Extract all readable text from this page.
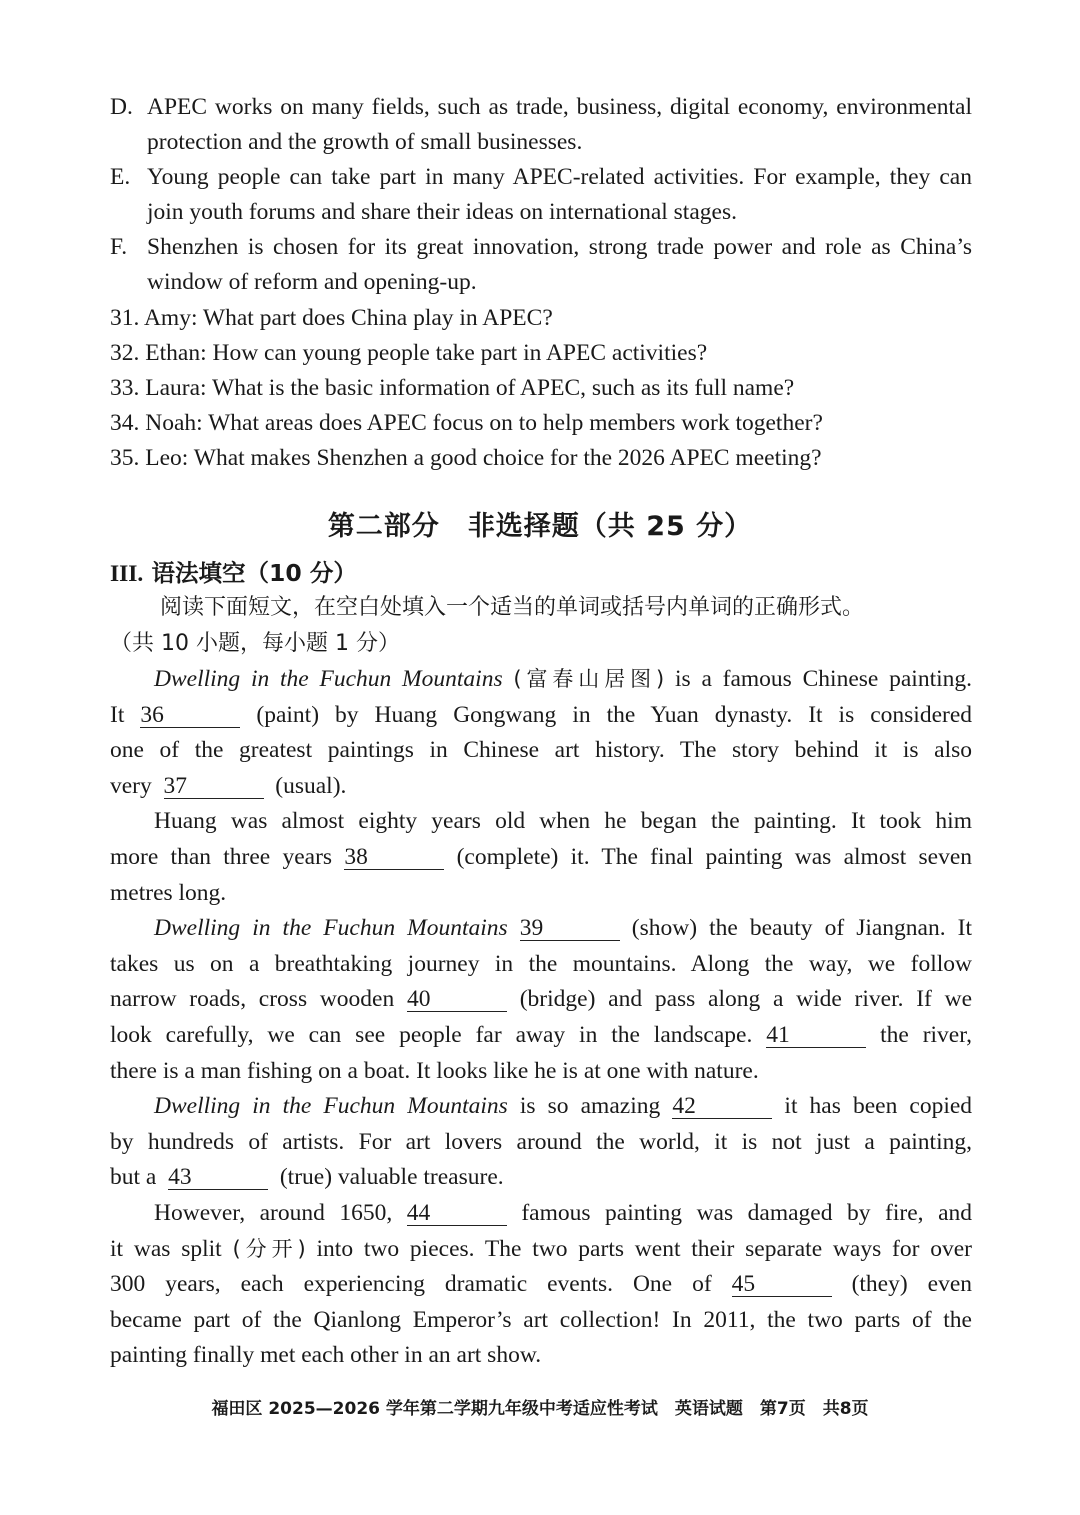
D. APEC works on many fields, such as trade, business, digital economy, environmental protection and the growth of small businesses.
E. Young people can take part in many APEC-related activities. For example, they can join youth forums and share their ideas on international stages.
F. Shenzhen is chosen for its great innovation, strong trade power and role as China’s window of reform and opening-up.
31. Amy: What part does China play in APEC?
32. Ethan: How can young people take part in APEC activities?
33. Laura: What is the basic information of APEC, such as its full name?
34. Noah: What areas does APEC focus on to help members work together?
35. Leo: What makes Shenzhen a good choice for the 2026 APEC meeting?
第二部分 非选择题（共 25 分）
III. 语法填空（10 分）
阅读下面短文，在空白处填入一个适当的单词或括号内单词的正确形式。
（共 10 小题，每小题 1 分）
Dwelling in the Fuchun Mountains (富春山居图) is a famous Chinese painting.
It 36	(paint) by Huang Gongwang in the Yuan dynasty. It is considered
one of the greatest paintings in Chinese art history. The story behind it is also
very 37	(usual).
Huang was almost eighty years old when he began the painting. It took him
more than three years 38	(complete) it. The final painting was almost seven
metres long.
Dwelling in the Fuchun Mountains 39	(show) the beauty of Jiangnan. It
takes us on a breathtaking journey in the mountains. Along the way, we follow
narrow roads, cross wooden 40	(bridge) and pass along a wide river. If we
look carefully, we can see people far away in the landscape. 41	the river,
there is a man fishing on a boat. It looks like he is at one with nature.
Dwelling in the Fuchun Mountains is so amazing 42	it has been copied
by hundreds of artists. For art lovers around the world, it is not just a painting,
but a 43	(true) valuable treasure.
However, around 1650, 44	famous painting was damaged by fire, and
it was split (分开) into two pieces. The two parts went their separate ways for over
300 years, each experiencing dramatic events. One of 45	(they) even
became part of the Qianlong Emperor’s art collection! In 2011, the two parts of the
painting finally met each other in an art show.
福田区 2025—2026 学年第二学期九年级中考适应性考试　英语试题　第7页　共8页
